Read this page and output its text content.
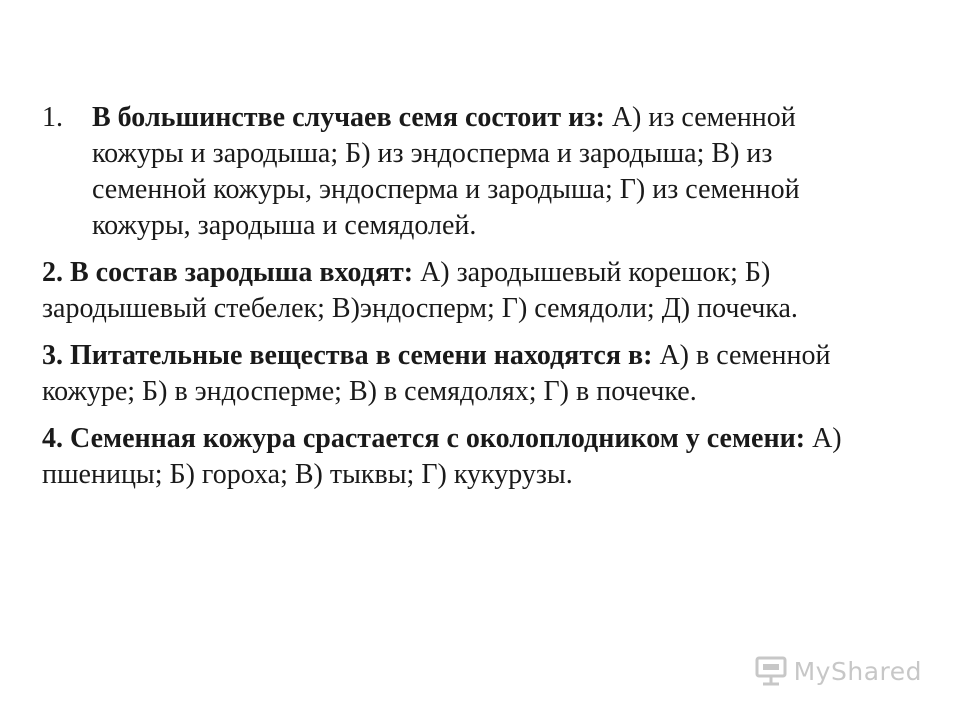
1.	В большинстве случаев семя состоит из: А) из семенной кожуры и зародыша; Б) из эндосперма и зародыша; В) из семенной кожуры, эндосперма и зародыша; Г) из семенной кожуры, зародыша и семядолей.
2. В состав зародыша входят: А) зародышевый корешок; Б) зародышевый стебелек; В)эндосперм; Г) семядоли; Д) почечка.
3. Питательные вещества в семени находятся в: А) в семенной кожуре; Б) в эндосперме; В) в семядолях; Г) в почечке.
4. Семенная кожура срастается с околоплодником у семени: А) пшеницы; Б) гороха; В) тыквы; Г) кукурузы.
MyShared
